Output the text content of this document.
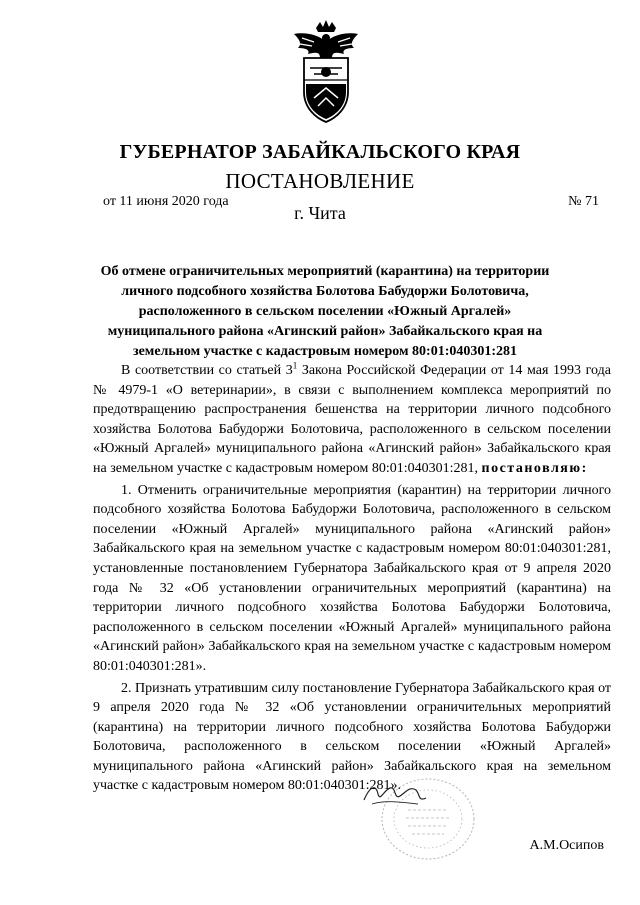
ГУБЕРНАТОР ЗАБАЙКАЛЬСКОГО КРАЯ
ПОСТАНОВЛЕНИЕ
от 11 июня 2020 года	№ 71
г. Чита
Об отмене ограничительных мероприятий (карантина) на территории
личного подсобного хозяйства Болотова Бабудоржи Болотовича,
расположенного в сельском поселении «Южный Аргалей»
муниципального района «Агинский район» Забайкальского края на
земельном участке с кадастровым номером 80:01:040301:281

В соответствии со статьей $3^1$ Закона Российской Федерации от 14 мая 1993 года № 4979-1 «О ветеринарии», в связи с выполнением комплекса мероприятий по предотвращению распространения бешенства на территории личного подсобного хозяйства Болотова Бабудоржи Болотовича, расположенного в сельском поселении «Южный Аргалей» муниципального района «Агинский район» Забайкальского края на земельном участке с кадастровым номером 80:01:040301:281, постановляю:

1. Отменить ограничительные мероприятия (карантин) на территории личного подсобного хозяйства Болотова Бабудоржи Болотовича, расположенного в сельском поселении «Южный Аргалей» муниципального района «Агинский район» Забайкальского края на земельном участке с кадастровым номером 80:01:040301:281, установленные постановлением Губернатора Забайкальского края от 9 апреля 2020 года № 32 «Об установлении ограничительных мероприятий (карантина) на территории личного подсобного хозяйства Болотова Бабудоржи Болотовича, расположенного в сельском поселении «Южный Аргалей» муниципального района «Агинский район» Забайкальского края на земельном участке с кадастровым номером 80:01:040301:281».

2. Признать утратившим силу постановление Губернатора Забайкальского края от 9 апреля 2020 года № 32 «Об установлении ограничительных мероприятий (карантина) на территории личного подсобного хозяйства Болотова Бабудоржи Болотовича, расположенного в сельском поселении «Южный Аргалей» муниципального района «Агинский район» Забайкальского края на земельном участке с кадастровым номером 80:01:040301:281».

А.М.Осипов
